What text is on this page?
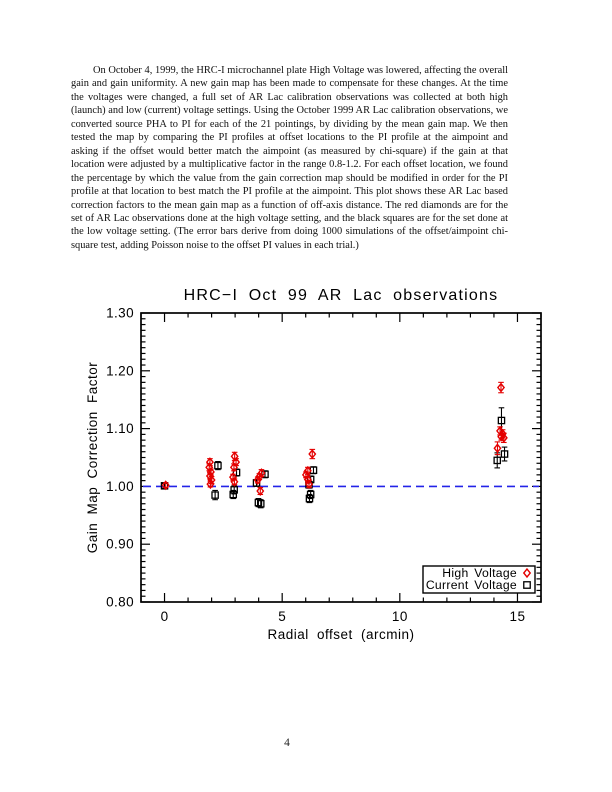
On October 4, 1999, the HRC-I microchannel plate High Voltage was lowered, affecting the overall gain and gain uniformity. A new gain map has been made to compensate for these changes. At the time the voltages were changed, a full set of AR Lac calibration observations was collected at both high (launch) and low (current) voltage settings. Using the October 1999 AR Lac calibration observations, we converted source PHA to PI for each of the 21 pointings, by dividing by the mean gain map. We then tested the map by comparing the PI profiles at offset locations to the PI profile at the aimpoint and asking if the offset would better match the aimpoint (as measured by chi-square) if the gain at that location were adjusted by a multiplicative factor in the range 0.8-1.2. For each offset location, we found the percentage by which the value from the gain correction map should be modified in order for the PI profile at that location to best match the PI profile at the aimpoint. This plot shows these AR Lac based correction factors to the mean gain map as a function of off-axis distance. The red diamonds are for the set of AR Lac observations done at the high voltage setting, and the black squares are for the set done at the low voltage setting. (The error bars derive from doing 1000 simulations of the offset/aimpoint chi-square test, adding Poisson noise to the offset PI values in each trial.)

HRC−I Oct 99 AR Lac observations
0	5	10	15
0.80
0.90
1.00
1.10
1.20
1.30
Radial offset (arcmin)
Gain Map Correction Factor
High Voltage
Current Voltage
4
